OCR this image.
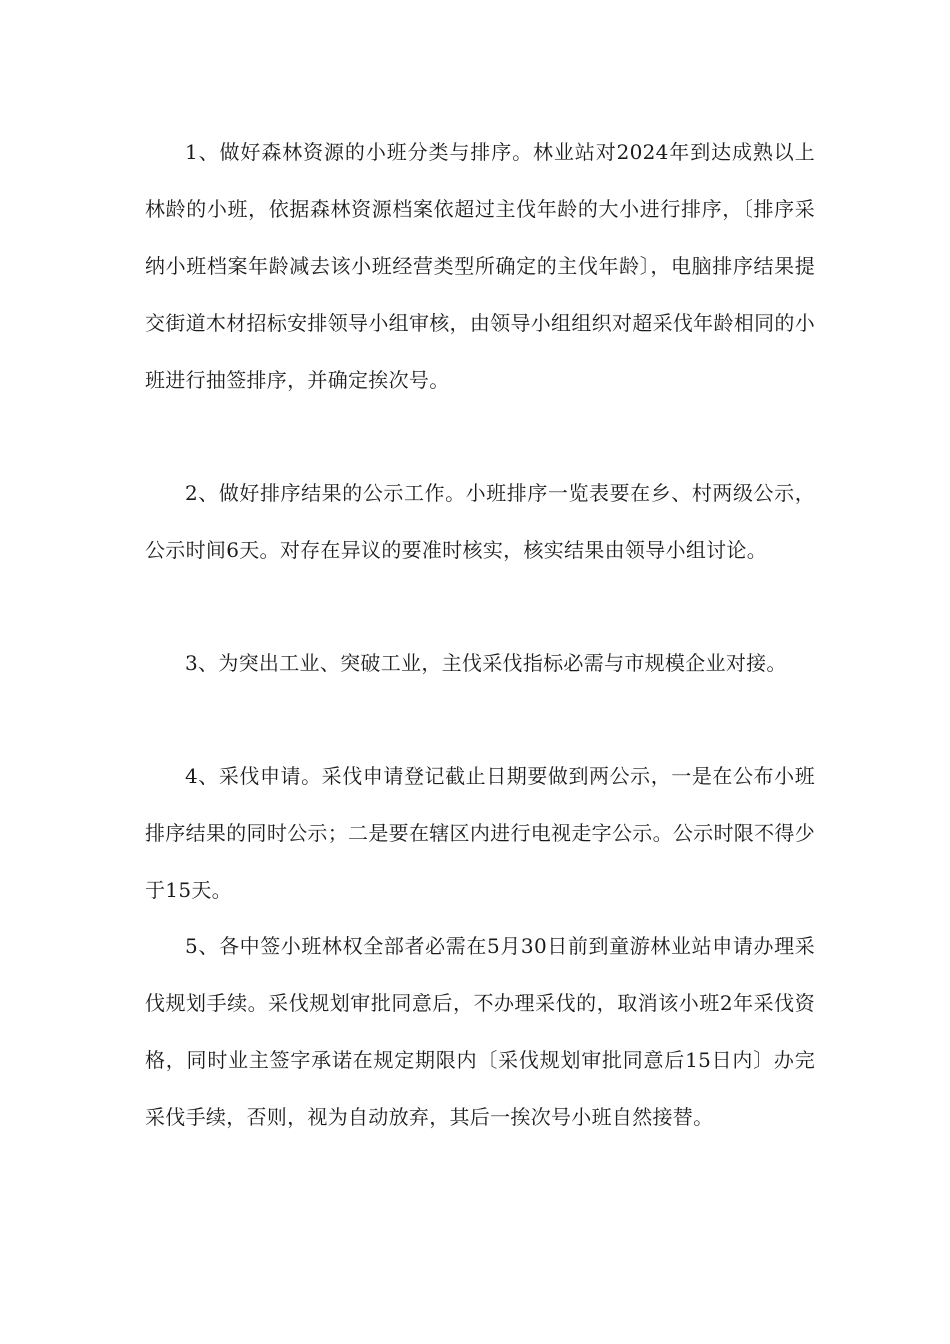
1、做好森林资源的小班分类与排序。林业站对2024年到达成熟以上林龄的小班，依据森林资源档案依超过主伐年龄的大小进行排序，〔排序采纳小班档案年龄减去该小班经营类型所确定的主伐年龄〕，电脑排序结果提交街道木材招标安排领导小组审核，由领导小组组织对超采伐年龄相同的小班进行抽签排序，并确定挨次号。

2、做好排序结果的公示工作。小班排序一览表要在乡、村两级公示，公示时间6天。对存在异议的要准时核实，核实结果由领导小组讨论。

3、为突出工业、突破工业，主伐采伐指标必需与市规模企业对接。

4、采伐申请。采伐申请登记截止日期要做到两公示，一是在公布小班排序结果的同时公示；二是要在辖区内进行电视走字公示。公示时限不得少于15天。

5、各中签小班林权全部者必需在5月30日前到童游林业站申请办理采伐规划手续。采伐规划审批同意后，不办理采伐的，取消该小班2年采伐资格，同时业主签字承诺在规定期限内〔采伐规划审批同意后15日内〕办完采伐手续，否则，视为自动放弃，其后一挨次号小班自然接替。
